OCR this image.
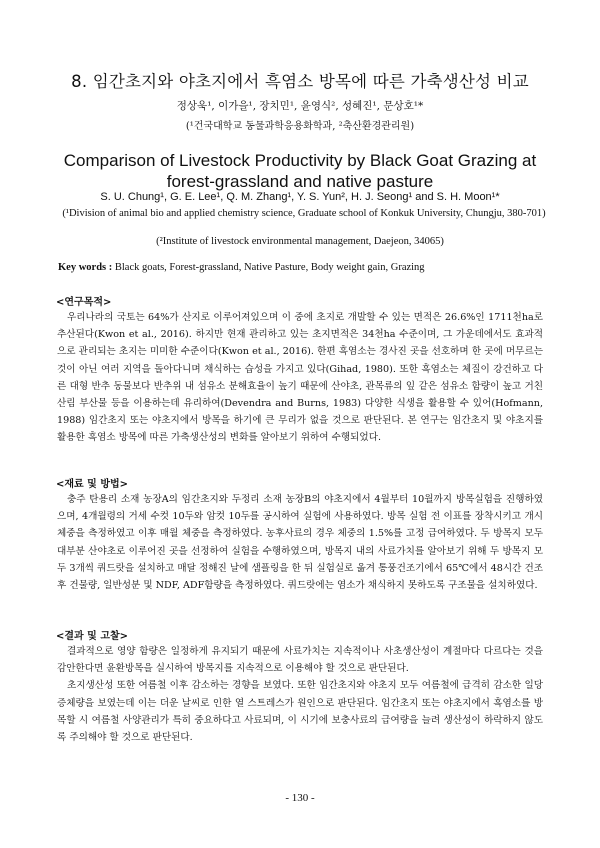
8. 임간초지와 야초지에서 흑염소 방목에 따른 가축생산성 비교
정상욱¹, 이가을¹, 장치민¹, 윤영식², 성혜진¹, 문상호¹*
(¹건국대학교 동물과학응용화학과, ²축산환경관리원)
Comparison of Livestock Productivity by Black Goat Grazing at
forest-grassland and native pasture
S. U. Chung¹, G. E. Lee¹, Q. M. Zhang¹, Y. S. Yun², H. J. Seong¹ and S. H. Moon¹*
(¹Division of animal bio and applied chemistry science, Graduate school of Konkuk University, Chungju, 380-701)
(²Institute of livestock environmental management, Daejeon, 34065)
Key words : Black goats, Forest-grassland, Native Pasture, Body weight gain, Grazing
<연구목적>

우리나라의 국토는 64%가 산지로 이루어져있으며 이 중에 초지로 개발할 수 있는 면적은 26.6%인 1711천ha로 추산된다(Kwon et al., 2016). 하지만 현재 관리하고 있는 초지면적은 34천ha 수준이며, 그 가운데에서도 효과적으로 관리되는 초지는 미미한 수준이다(Kwon et al., 2016). 한편 흑염소는 경사진 곳을 선호하며 한 곳에 머무르는 것이 아닌 여러 지역을 돌아다니며 채식하는 습성을 가지고 있다(Gihad, 1980). 또한 흑염소는 체질이 강건하고 다른 대형 반추 동물보다 반추위 내 섬유소 분해효율이 높기 때문에 산야초, 관목류의 잎 같은 섬유소 함량이 높고 거친 산림 부산물 등을 이용하는데 유리하여(Devendra and Burns, 1983) 다양한 식생을 활용할 수 있어(Hofmann, 1988) 임간초지 또는 야초지에서 방목을 하기에 큰 무리가 없을 것으로 판단된다. 본 연구는 임간초지 및 야초지를 활용한 흑염소 방목에 따른 가축생산성의 변화를 알아보기 위하여 수행되었다.

<재료 및 방법>

충주 탄용리 소재 농장A의 임간초지와 두정리 소재 농장B의 야초지에서 4월부터 10월까지 방목실험을 진행하였으며, 4개월령의 거세 수컷 10두와 암컷 10두를 공시하여 실험에 사용하였다. 방목 실험 전 이표를 장착시키고 개시체중을 측정하였고 이후 매월 체중을 측정하였다. 농후사료의 경우 체중의 1.5%를 고정 급여하였다. 두 방목지 모두 대부분 산야초로 이루어진 곳을 선정하여 실험을 수행하였으며, 방목지 내의 사료가치를 알아보기 위해 두 방목지 모두 3개씩 쿼드랏을 설치하고 매달 정해진 날에 샘플링을 한 뒤 실험실로 옮겨 통풍건조기에서 65℃에서 48시간 건조 후 건물량, 일반성분 및 NDF, ADF함량을 측정하였다. 쿼드랏에는 염소가 채식하지 못하도록 구조물을 설치하였다.

<결과 및 고찰>

결과적으로 영양 함량은 일정하게 유지되기 때문에 사료가치는 지속적이나 사초생산성이 계절마다 다르다는 것을 감안한다면 윤환방목을 실시하여 방목지를 지속적으로 이용해야 할 것으로 판단된다.

초지생산성 또한 여름철 이후 감소하는 경향을 보였다. 또한 임간초지와 야초지 모두 여름철에 급격히 감소한 일당 증체량을 보였는데 이는 더운 날씨로 인한 열 스트레스가 원인으로 판단된다. 임간초지 또는 야초지에서 흑염소를 방목할 시 여름철 사양관리가 특히 중요하다고 사료되며, 이 시기에 보충사료의 급여량을 늘려 생산성이 하락하지 않도록 주의해야 할 것으로 판단된다.

- 130 -
